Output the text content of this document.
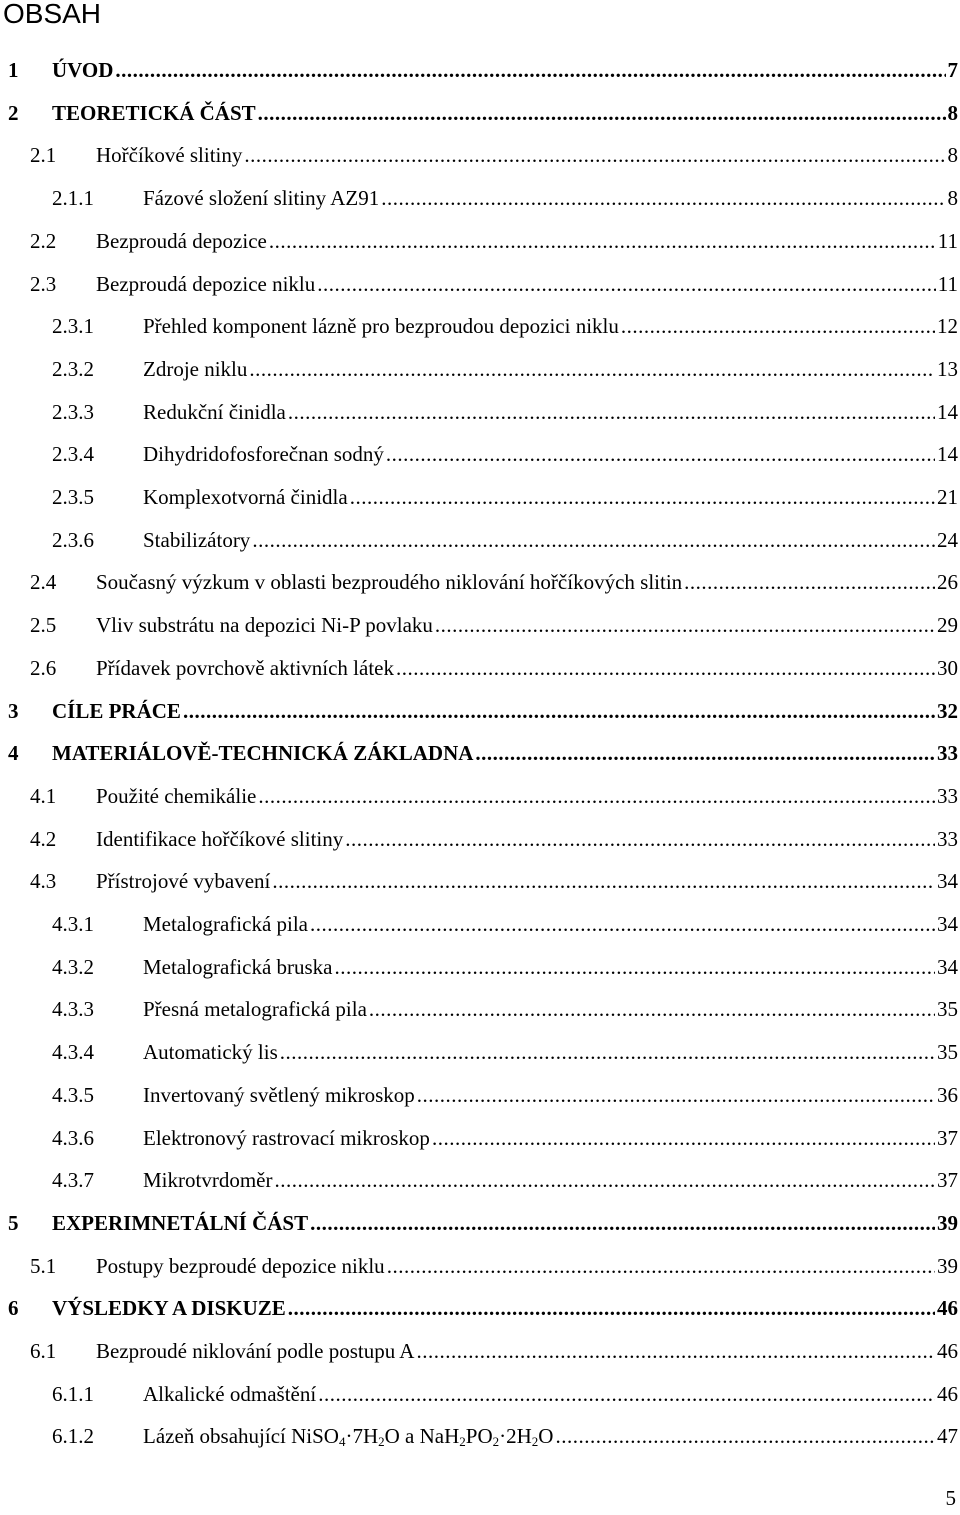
OBSAH
1	ÚVOD .....	7
2	TEORETICKÁ ČÁST .....	8
2.1	Hořčíkové slitiny .....	8
2.1.1	Fázové složení slitiny AZ91 .....	8
2.2	Bezproudá depozice .....	11
2.3	Bezproudá depozice niklu .....	11
2.3.1	Přehled komponent lázně pro bezproudou depozici niklu .....	12
2.3.2	Zdroje niklu .....	13
2.3.3	Redukční činidla .....	14
2.3.4	Dihydridofosforečnan sodný .....	14
2.3.5	Komplexotvorná činidla .....	21
2.3.6	Stabilizátory .....	24
2.4	Současný výzkum v oblasti bezproudého niklování hořčíkových slitin .....	26
2.5	Vliv substrátu na depozici Ni-P povlaku .....	29
2.6	Přídavek povrchově aktivních látek .....	30
3	CÍLE PRÁCE .....	32
4	MATERIÁLOVĚ-TECHNICKÁ ZÁKLADNA .....	33
4.1	Použité chemikálie .....	33
4.2	Identifikace hořčíkové slitiny .....	33
4.3	Přístrojové vybavení .....	34
4.3.1	Metalografická pila .....	34
4.3.2	Metalografická bruska .....	34
4.3.3	Přesná metalografická pila .....	35
4.3.4	Automatický lis .....	35
4.3.5	Invertovaný světlený mikroskop .....	36
4.3.6	Elektronový rastrovací mikroskop .....	37
4.3.7	Mikrotvrdoměr .....	37
5	EXPERIMNETÁLNÍ ČÁST .....	39
5.1	Postupy bezproudé depozice niklu .....	39
6	VÝSLEDKY A DISKUZE .....	46
6.1	Bezproudé niklování podle postupu A .....	46
6.1.1	Alkalické odmaštění .....	46
6.1.2	Lázeň obsahující $NiSO_4\cdot 7H_2O$ a $NaH_2PO_2\cdot 2H_2O$ .....	47
5
